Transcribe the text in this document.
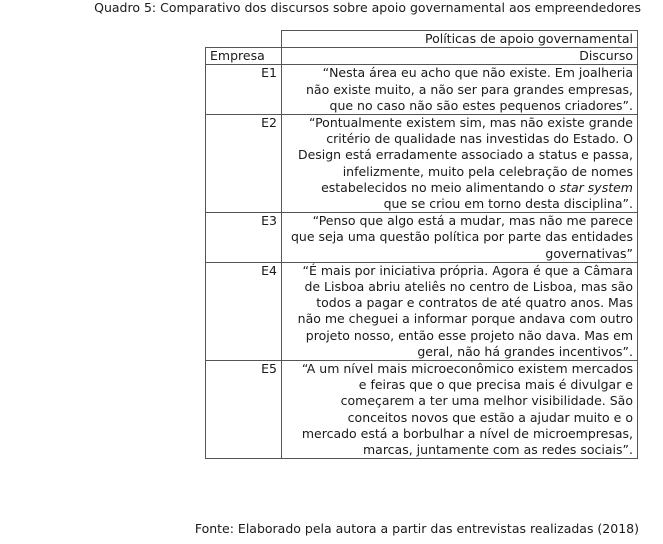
Quadro 5: Comparativo dos discursos sobre apoio governamental aos empreendedores

	Políticas de apoio governamental
Empresa	Discurso
E1	“Nesta área eu acho que não existe. Em joalheria não existe muito, a não ser para grandes empresas, que no caso não são estes pequenos criadores”.
E2	“Pontualmente existem sim, mas não existe grande critério de qualidade nas investidas do Estado. O Design está erradamente associado a status e passa, infelizmente, muito pela celebração de nomes estabelecidos no meio alimentando o star system que se criou em torno desta disciplina”.
E3	“Penso que algo está a mudar, mas não me parece que seja uma questão política por parte das entidades governativas”
E4	“É mais por iniciativa própria. Agora é que a Câmara de Lisboa abriu ateliês no centro de Lisboa, mas são todos a pagar e contratos de até quatro anos. Mas não me cheguei a informar porque andava com outro projeto nosso, então esse projeto não dava. Mas em geral, não há grandes incentivos”.
E5	“A um nível mais microeconômico existem mercados e feiras que o que precisa mais é divulgar e começarem a ter uma melhor visibilidade. São conceitos novos que estão a ajudar muito e o mercado está a borbulhar a nível de microempresas, marcas, juntamente com as redes sociais”.

Fonte: Elaborado pela autora a partir das entrevistas realizadas (2018)
